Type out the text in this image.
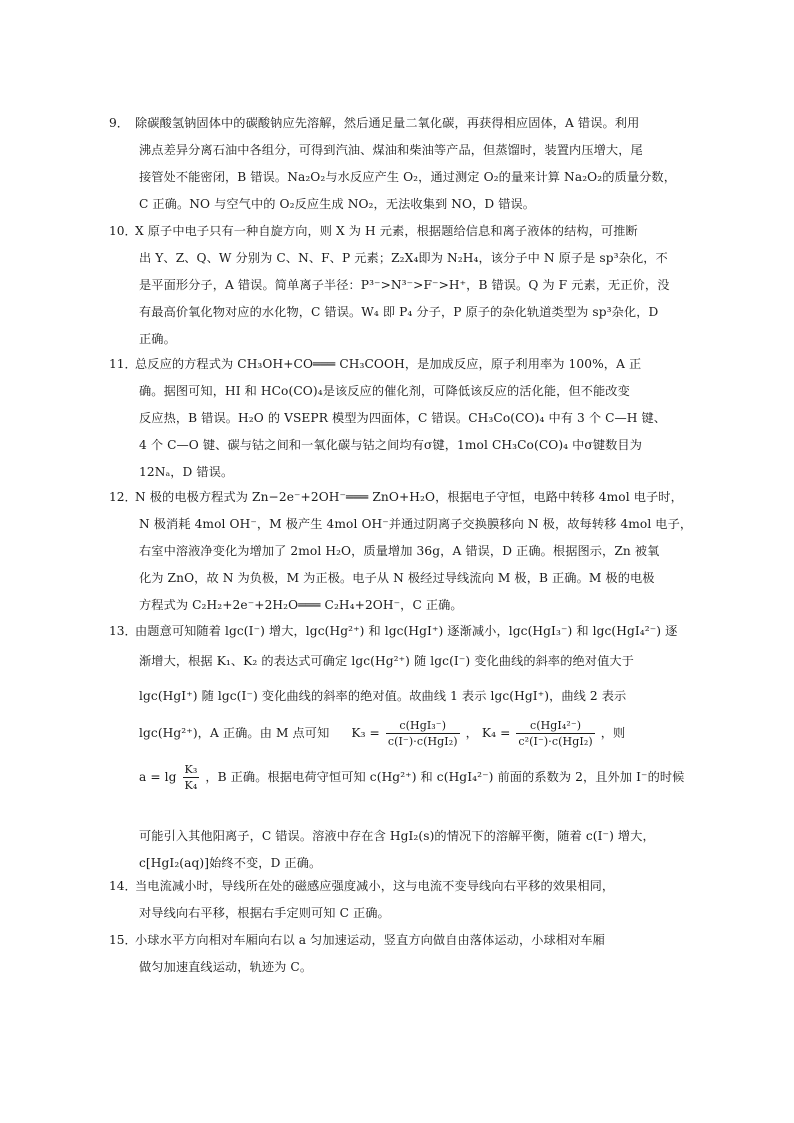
9． 除碳酸氢钠固体中的碳酸钠应先溶解，然后通足量二氧化碳，再获得相应固体，A 错误。利用
沸点差异分离石油中各组分，可得到汽油、煤油和柴油等产品，但蒸馏时，装置内压增大，尾
接管处不能密闭，B 错误。Na₂O₂与水反应产生 O₂，通过测定 O₂的量来计算 Na₂O₂的质量分数，
C 正确。NO 与空气中的 O₂反应生成 NO₂，无法收集到 NO，D 错误。
10．
X 原子中电子只有一种自旋方向，则 X 为 H 元素，根据题给信息和离子液体的结构，可推断
出 Y、Z、Q、W 分别为 C、N、F、P 元素；Z₂X₄即为 N₂H₄，该分子中 N 原子是 sp³杂化，不
是平面形分子，A 错误。简单离子半径：P³⁻>N³⁻>F⁻>H⁺，B 错误。Q 为 F 元素，无正价，没
有最高价氧化物对应的水化物，C 错误。W₄ 即 P₄ 分子，P 原子的杂化轨道类型为 sp³杂化，D
正确。
11．
总反应的方程式为 CH₃OH+CO═══ CH₃COOH，是加成反应，原子利用率为 100%，A 正
确。据图可知，HI 和 HCo(CO)₄是该反应的催化剂，可降低该反应的活化能，但不能改变
反应热，B 错误。H₂O 的 VSEPR 模型为四面体，C 错误。CH₃Co(CO)₄ 中有 3 个 C—H 键、
4 个 C—O 键、碳与钴之间和一氧化碳与钴之间均有σ键，1mol CH₃Co(CO)₄ 中σ键数目为
12Nₐ，D 错误。
12．
N 极的电极方程式为 Zn−2e⁻+2OH⁻═══ ZnO+H₂O，根据电子守恒，电路中转移 4mol 电子时，
N 极消耗 4mol OH⁻，M 极产生 4mol OH⁻并通过阴离子交换膜移向 N 极，故每转移 4mol 电子，
右室中溶液净变化为增加了 2mol H₂O，质量增加 36g，A 错误，D 正确。根据图示，Zn 被氧
化为 ZnO，故 N 为负极，M 为正极。电子从 N 极经过导线流向 M 极，B 正确。M 极的电极
方程式为 C₂H₂+2e⁻+2H₂O═══ C₂H₄+2OH⁻，C 正确。
13．
由题意可知随着 lgc(I⁻) 增大，lgc(Hg²⁺) 和 lgc(HgI⁺) 逐渐减小，lgc(HgI₃⁻) 和 lgc(HgI₄²⁻) 逐
渐增大，根据 K₁、K₂ 的表达式可确定 lgc(Hg²⁺) 随 lgc(I⁻) 变化曲线的斜率的绝对值大于
lgc(HgI⁺) 随 lgc(I⁻) 变化曲线的斜率的绝对值。故曲线 1 表示 lgc(HgI⁺)，曲线 2 表示
lgc(Hg²⁺)，A 正确。由 M 点可知 $K_3 = \frac{\text{c(HgI₃⁻)}}{\text{c(I⁻)·c(HgI₂)}}$ ， $K_4 = \frac{\text{c(HgI₄²⁻)}}{\text{c²(I⁻)·c(HgI₂)}}$ ，则
$a = \lg \frac{\text{K₃}}{\text{K₄}}$ ，B 正确。根据电荷守恒可知 c(Hg²⁺) 和 c(HgI₄²⁻) 前面的系数为 2，且外加 I⁻的时候
可能引入其他阳离子，C 错误。溶液中存在含 HgI₂(s)的情况下的溶解平衡，随着 c(I⁻) 增大，
c[HgI₂(aq)]始终不变，D 正确。
14．
当电流减小时，导线所在处的磁感应强度减小，这与电流不变导线向右平移的效果相同，
对导线向右平移，根据右手定则可知 C 正确。
15．
小球水平方向相对车厢向右以 a 匀加速运动，竖直方向做自由落体运动，小球相对车厢
做匀加速直线运动，轨迹为 C。
